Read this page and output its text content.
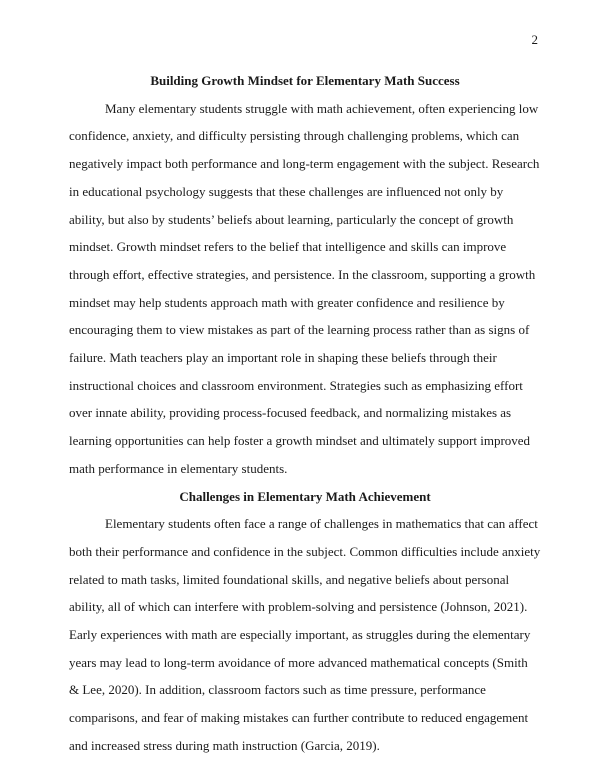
2
Building Growth Mindset for Elementary Math Success

Many elementary students struggle with math achievement, often experiencing low confidence, anxiety, and difficulty persisting through challenging problems, which can negatively impact both performance and long-term engagement with the subject. Research in educational psychology suggests that these challenges are influenced not only by ability, but also by students’ beliefs about learning, particularly the concept of growth mindset. Growth mindset refers to the belief that intelligence and skills can improve through effort, effective strategies, and persistence. In the classroom, supporting a growth mindset may help students approach math with greater confidence and resilience by encouraging them to view mistakes as part of the learning process rather than as signs of failure. Math teachers play an important role in shaping these beliefs through their instructional choices and classroom environment. Strategies such as emphasizing effort over innate ability, providing process-focused feedback, and normalizing mistakes as learning opportunities can help foster a growth mindset and ultimately support improved math performance in elementary students.

Challenges in Elementary Math Achievement

Elementary students often face a range of challenges in mathematics that can affect both their performance and confidence in the subject. Common difficulties include anxiety related to math tasks, limited foundational skills, and negative beliefs about personal ability, all of which can interfere with problem-solving and persistence (Johnson, 2021). Early experiences with math are especially important, as struggles during the elementary years may lead to long-term avoidance of more advanced mathematical concepts (Smith & Lee, 2020). In addition, classroom factors such as time pressure, performance comparisons, and fear of making mistakes can further contribute to reduced engagement and increased stress during math instruction (Garcia, 2019).
